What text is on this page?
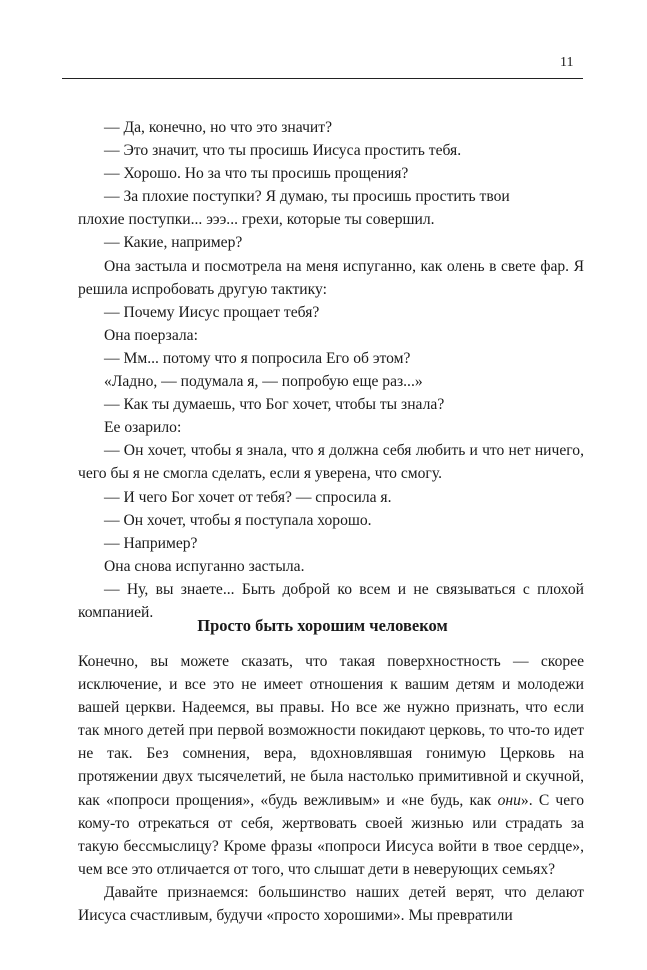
11

— Да, конечно, но что это значит?

— Это значит, что ты просишь Иисуса простить тебя.

— Хорошо. Но за что ты просишь прощения?

— За плохие поступки? Я думаю, ты просишь простить твои

плохие поступки... эээ... грехи, которые ты совершил.

— Какие, например?

Она застыла и посмотрела на меня испуганно, как олень в свете фар. Я решила испробовать другую тактику:

— Почему Иисус прощает тебя?

Она поерзала:

— Мм... потому что я попросила Его об этом?

«Ладно, — подумала я, — попробую еще раз...»

— Как ты думаешь, что Бог хочет, чтобы ты знала?

Ее озарило:

— Он хочет, чтобы я знала, что я должна себя любить и что нет ничего, чего бы я не смогла сделать, если я уверена, что смогу.

— И чего Бог хочет от тебя? — спросила я.

— Он хочет, чтобы я поступала хорошо.

— Например?

Она снова испуганно застыла.

— Ну, вы знаете... Быть доброй ко всем и не связываться с плохой компанией.

Просто быть хорошим человеком

Конечно, вы можете сказать, что такая поверхностность — скорее исключение, и все это не имеет отношения к вашим детям и молодежи вашей церкви. Надеемся, вы правы. Но все же нужно признать, что если так много детей при первой возможности покидают церковь, то что-то идет не так. Без сомнения, вера, вдохновлявшая гонимую Церковь на протяжении двух тысячелетий, не была настолько примитивной и скучной, как «попроси прощения», «будь вежливым» и «не будь, как они». С чего кому-то отрекаться от себя, жертвовать своей жизнью или страдать за такую бессмыслицу? Кроме фразы «попроси Иисуса войти в твое сердце», чем все это отличается от того, что слышат дети в неверующих семьях?

Давайте признаемся: большинство наших детей верят, что делают Иисуса счастливым, будучи «просто хорошими». Мы превратили
